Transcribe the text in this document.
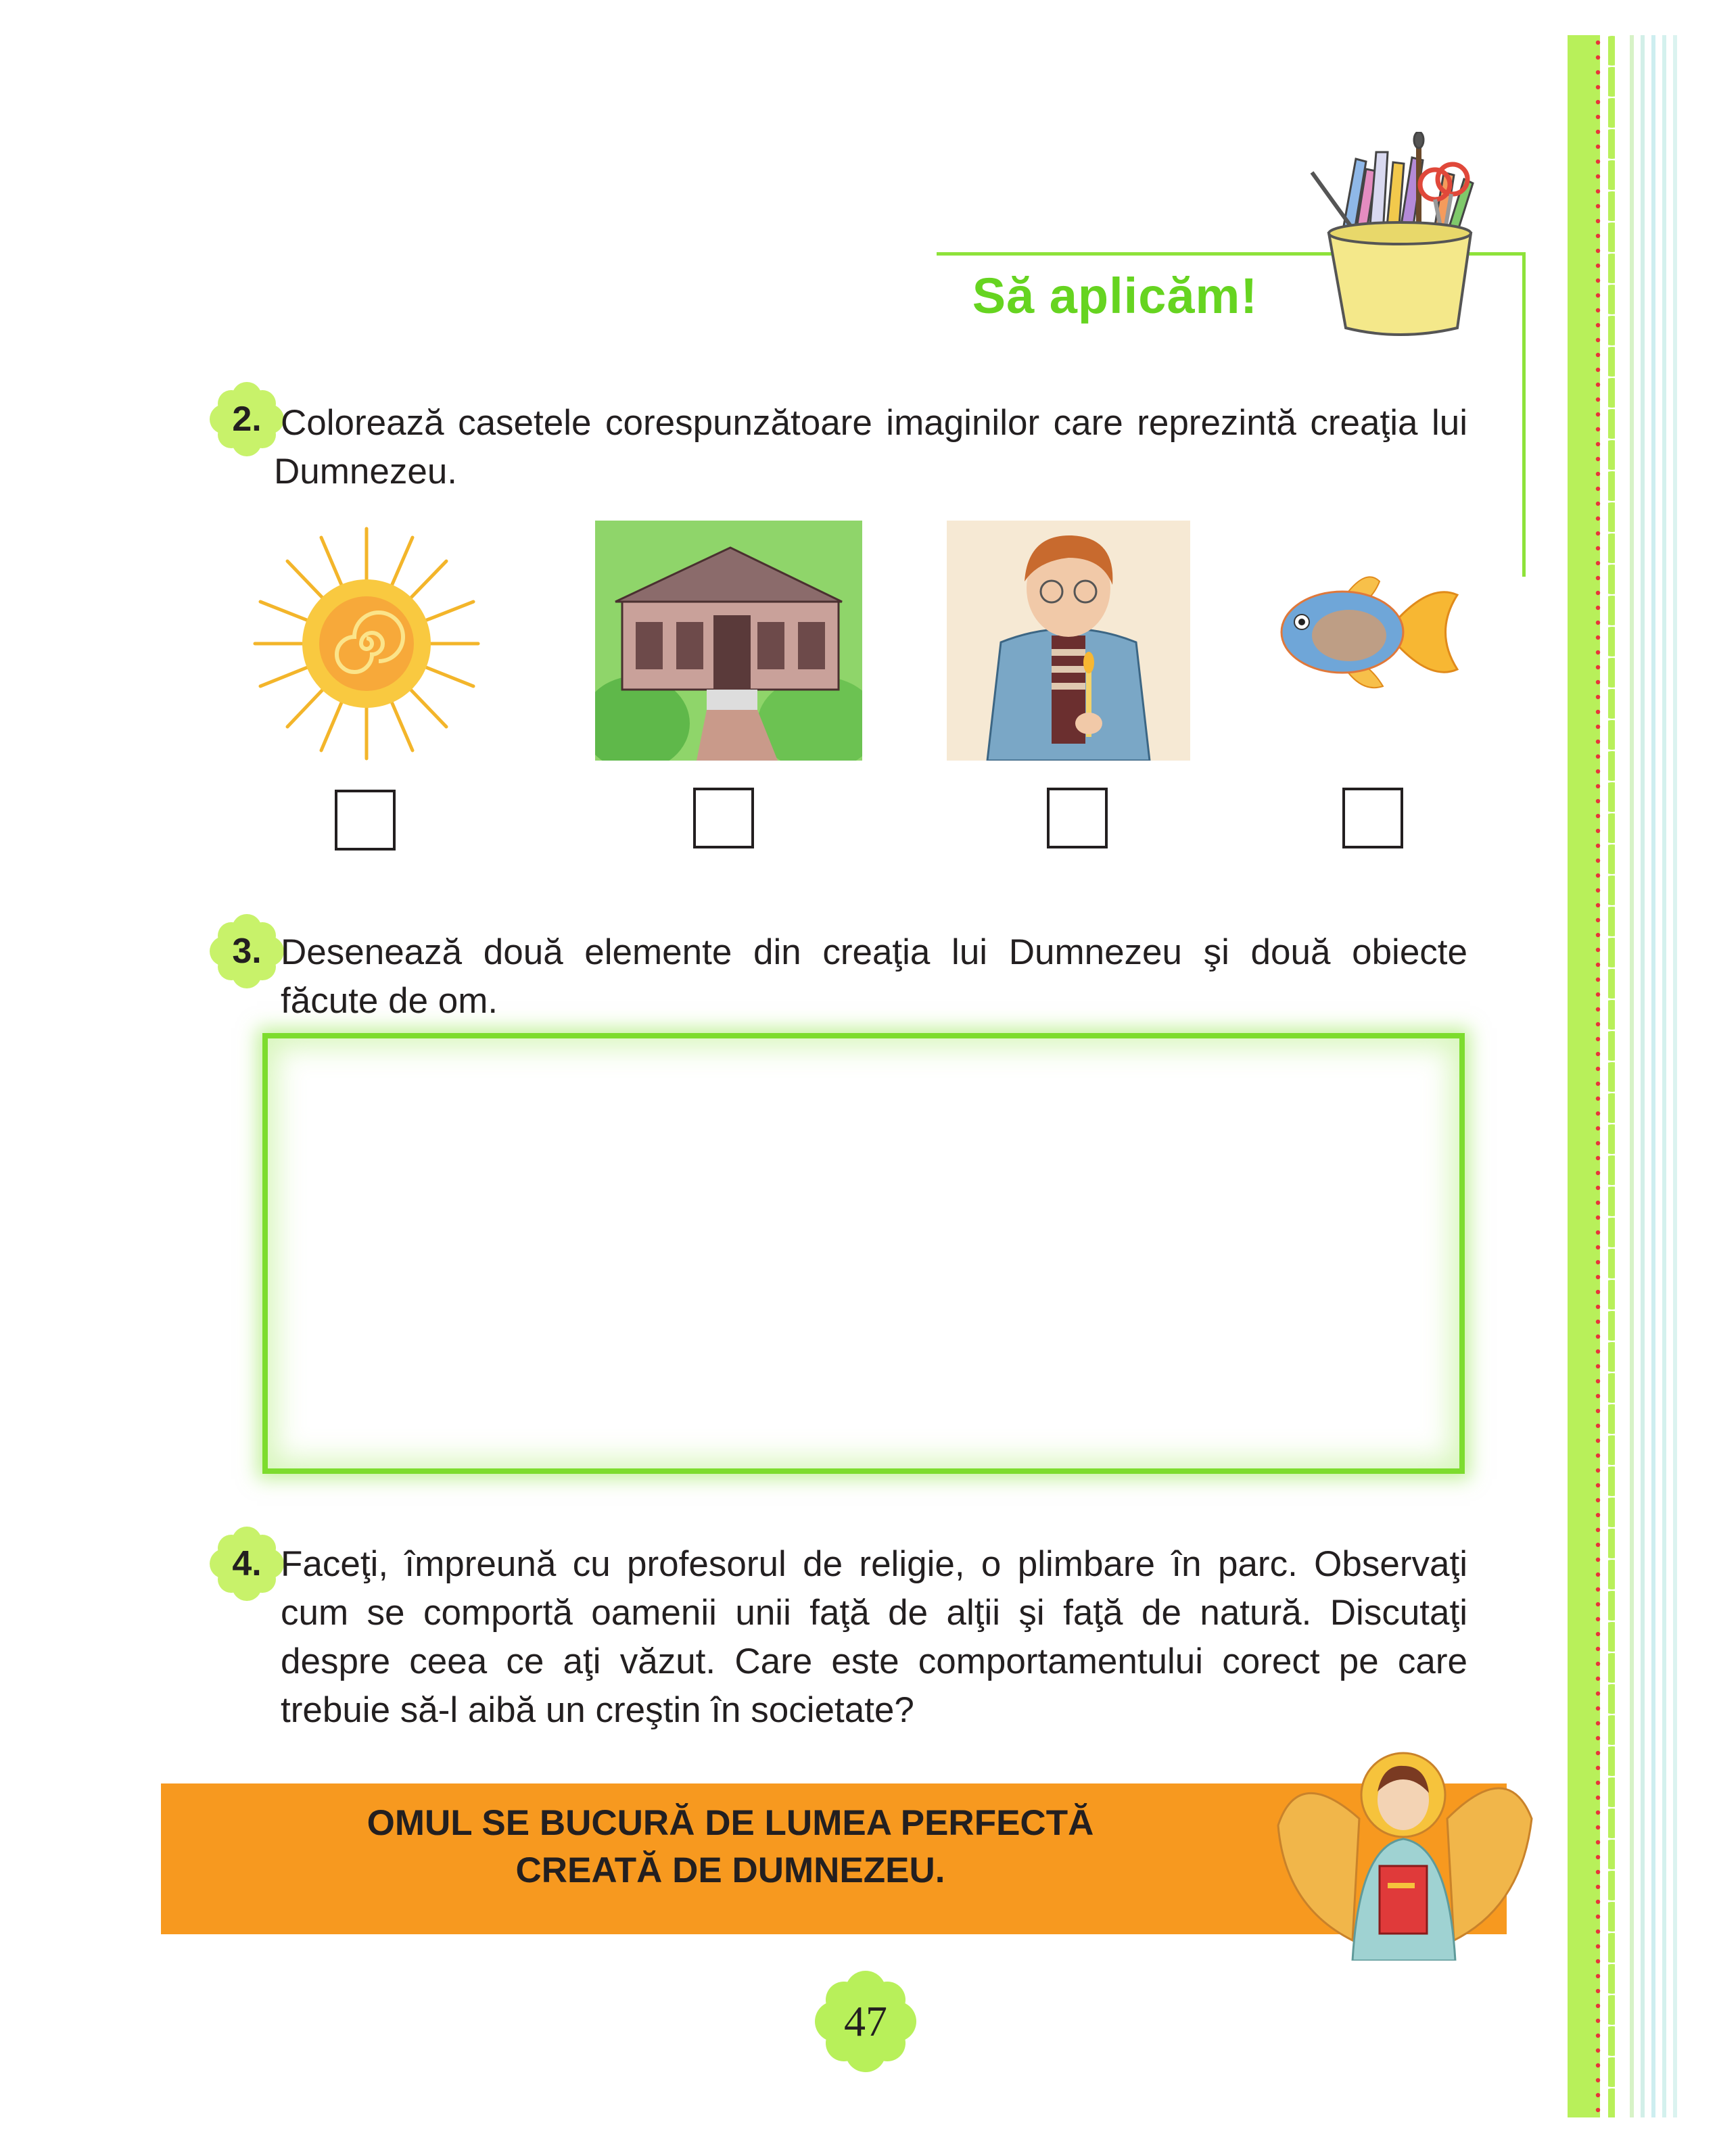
Să aplicăm!
2. Colorează casetele corespunzătoare imaginilor care reprezintă creaţia lui Dumnezeu.
3. Desenează două elemente din creaţia lui Dumnezeu şi două obiecte făcute de om.
4. Faceţi, împreună cu profesorul de religie, o plimbare în parc. Observaţi cum se comportă oamenii unii faţă de alţii şi faţă de natură. Discutaţi despre ceea ce aţi văzut. Care este comportamentului corect pe care trebuie să-l aibă un creştin în societate?
OMUL SE BUCURĂ DE LUMEA PERFECTĂ
CREATĂ DE DUMNEZEU.
47
